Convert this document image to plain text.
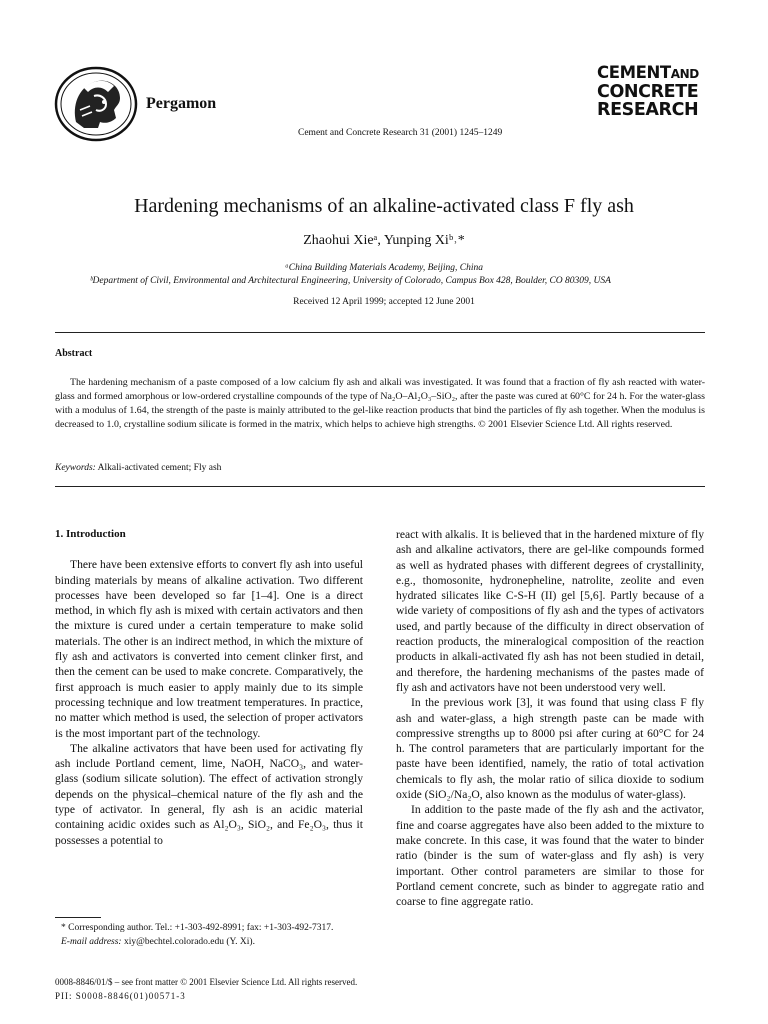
Pergamon
Cement and Concrete Research 31 (2001) 1245–1249
CEMENTAND
CONCRETE
RESEARCH
Hardening mechanisms of an alkaline-activated class F fly ash
Zhaohui Xieᵃ, Yunping Xiᵇ˒*
ᵃChina Building Materials Academy, Beijing, China
ᵇDepartment of Civil, Environmental and Architectural Engineering, University of Colorado, Campus Box 428, Boulder, CO 80309, USA
Received 12 April 1999; accepted 12 June 2001
Abstract

The hardening mechanism of a paste composed of a low calcium fly ash and alkali was investigated. It was found that a fraction of fly ash reacted with water-glass and formed amorphous or low-ordered crystalline compounds of the type of Na₂O–Al₂O₃–SiO₂, after the paste was cured at 60°C for 24 h. For the water-glass with a modulus of 1.64, the strength of the paste is mainly attributed to the gel-like reaction products that bind the particles of fly ash together. When the modulus is decreased to 1.0, crystalline sodium silicate is formed in the matrix, which helps to achieve high strengths. © 2001 Elsevier Science Ltd. All rights reserved.

Keywords: Alkali-activated cement; Fly ash
1. Introduction

There have been extensive efforts to convert fly ash into useful binding materials by means of alkaline activation. Two different processes have been developed so far [1–4]. One is a direct method, in which fly ash is mixed with certain activators and then the mixture is cured under a certain temperature to make solid materials. The other is an indirect method, in which the mixture of fly ash and activators is converted into cement clinker first, and then the cement can be used to make concrete. Comparatively, the first approach is much easier to apply mainly due to its simple processing technique and low treatment temperatures. In practice, no matter which method is used, the selection of proper activators is the most important part of the technology.

The alkaline activators that have been used for activating fly ash include Portland cement, lime, NaOH, NaCO₃, and water-glass (sodium silicate solution). The effect of activation strongly depends on the physical–chemical nature of the fly ash and the type of activator. In general, fly ash is an acidic material containing acidic oxides such as Al₂O₃, SiO₂, and Fe₂O₃, thus it possesses a potential to

react with alkalis. It is believed that in the hardened mixture of fly ash and alkaline activators, there are gel-like compounds formed as well as hydrated phases with different degrees of crystallinity, e.g., thomosonite, hydronepheline, natrolite, zeolite and even hydrated silicates like C-S-H (II) gel [5,6]. Partly because of a wide variety of compositions of fly ash and the types of activators used, and partly because of the difficulty in direct observation of reaction products, the mineralogical composition of the reaction products in alkali-activated fly ash has not been studied in detail, and therefore, the hardening mechanisms of the pastes made of fly ash and activators have not been understood very well.

In the previous work [3], it was found that using class F fly ash and water-glass, a high strength paste can be made with compressive strengths up to 8000 psi after curing at 60°C for 24 h. The control parameters that are particularly important for the paste have been identified, namely, the ratio of total activation chemicals to fly ash, the molar ratio of silica dioxide to sodium oxide (SiO₂/Na₂O, also known as the modulus of water-glass).

In addition to the paste made of the fly ash and the activator, fine and coarse aggregates have also been added to the mixture to make concrete. In this case, it was found that the water to binder ratio (binder is the sum of water-glass and fly ash) is very important. Other control parameters are similar to those for Portland cement concrete, such as binder to aggregate ratio and coarse to fine aggregate ratio.

* Corresponding author. Tel.: +1-303-492-8991; fax: +1-303-492-7317.

E-mail address: xiy@bechtel.colorado.edu (Y. Xi).

0008-8846/01/$ – see front matter © 2001 Elsevier Science Ltd. All rights reserved.
PII: S0008-8846(01)00571-3
